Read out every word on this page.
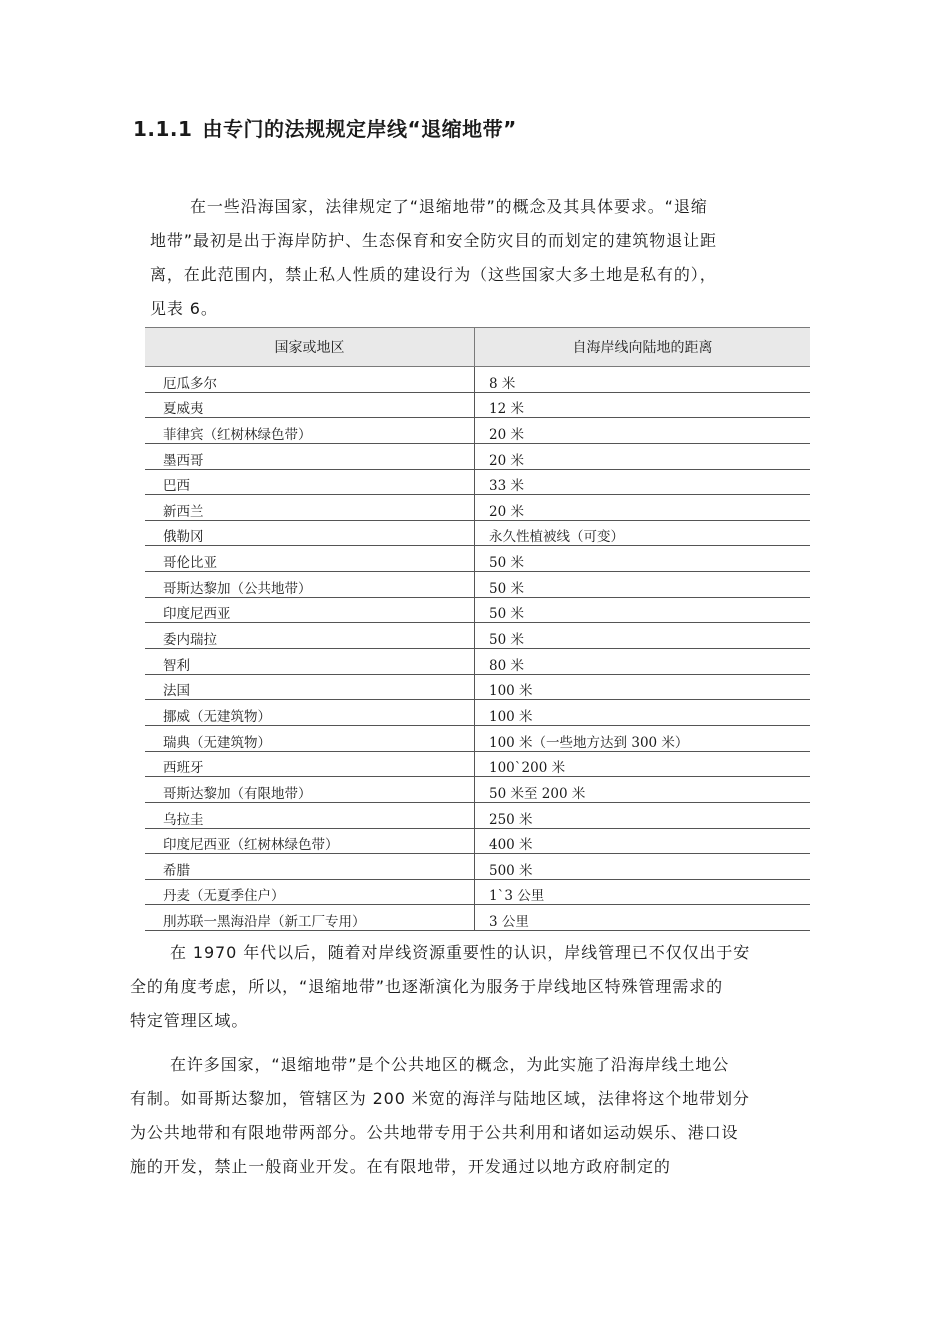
1.1.1 由专门的法规规定岸线“退缩地带”
在一些沿海国家，法律规定了“退缩地带”的概念及其具体要求。“退缩
地带”最初是出于海岸防护、生态保育和安全防灾目的而划定的建筑物退让距
离，在此范围内，禁止私人性质的建设行为（这些国家大多土地是私有的），
见表 6。
国家或地区	自海岸线向陆地的距离
厄瓜多尔	8 米
夏威夷	12 米
菲律宾（红树林绿色带）	20 米
墨西哥	20 米
巴西	33 米
新西兰	20 米
俄勒冈	永久性植被线（可变）
哥伦比亚	50 米
哥斯达黎加（公共地带）	50 米
印度尼西亚	50 米
委内瑞拉	50 米
智利	80 米
法国	100 米
挪威（无建筑物）	100 米
瑞典（无建筑物）	100 米（一些地方达到 300 米）
西班牙	100`200 米
哥斯达黎加（有限地带）	50 米至 200 米
乌拉圭	250 米
印度尼西亚（红树林绿色带）	400 米
希腊	500 米
丹麦（无夏季住户）	1`3 公里
刖苏联一黑海沿岸（新工厂专用）	3 公里
在 1970 年代以后，随着对岸线资源重要性的认识，岸线管理已不仅仅出于安
全的角度考虑，所以，“退缩地带”也逐渐演化为服务于岸线地区特殊管理需求的
特定管理区域。
在许多国家，“退缩地带”是个公共地区的概念，为此实施了沿海岸线土地公
有制。如哥斯达黎加，管辖区为 200 米宽的海洋与陆地区域，法律将这个地带划分
为公共地带和有限地带两部分。公共地带专用于公共利用和诸如运动娱乐、港口设
施的开发，禁止一般商业开发。在有限地带，开发通过以地方政府制定的
